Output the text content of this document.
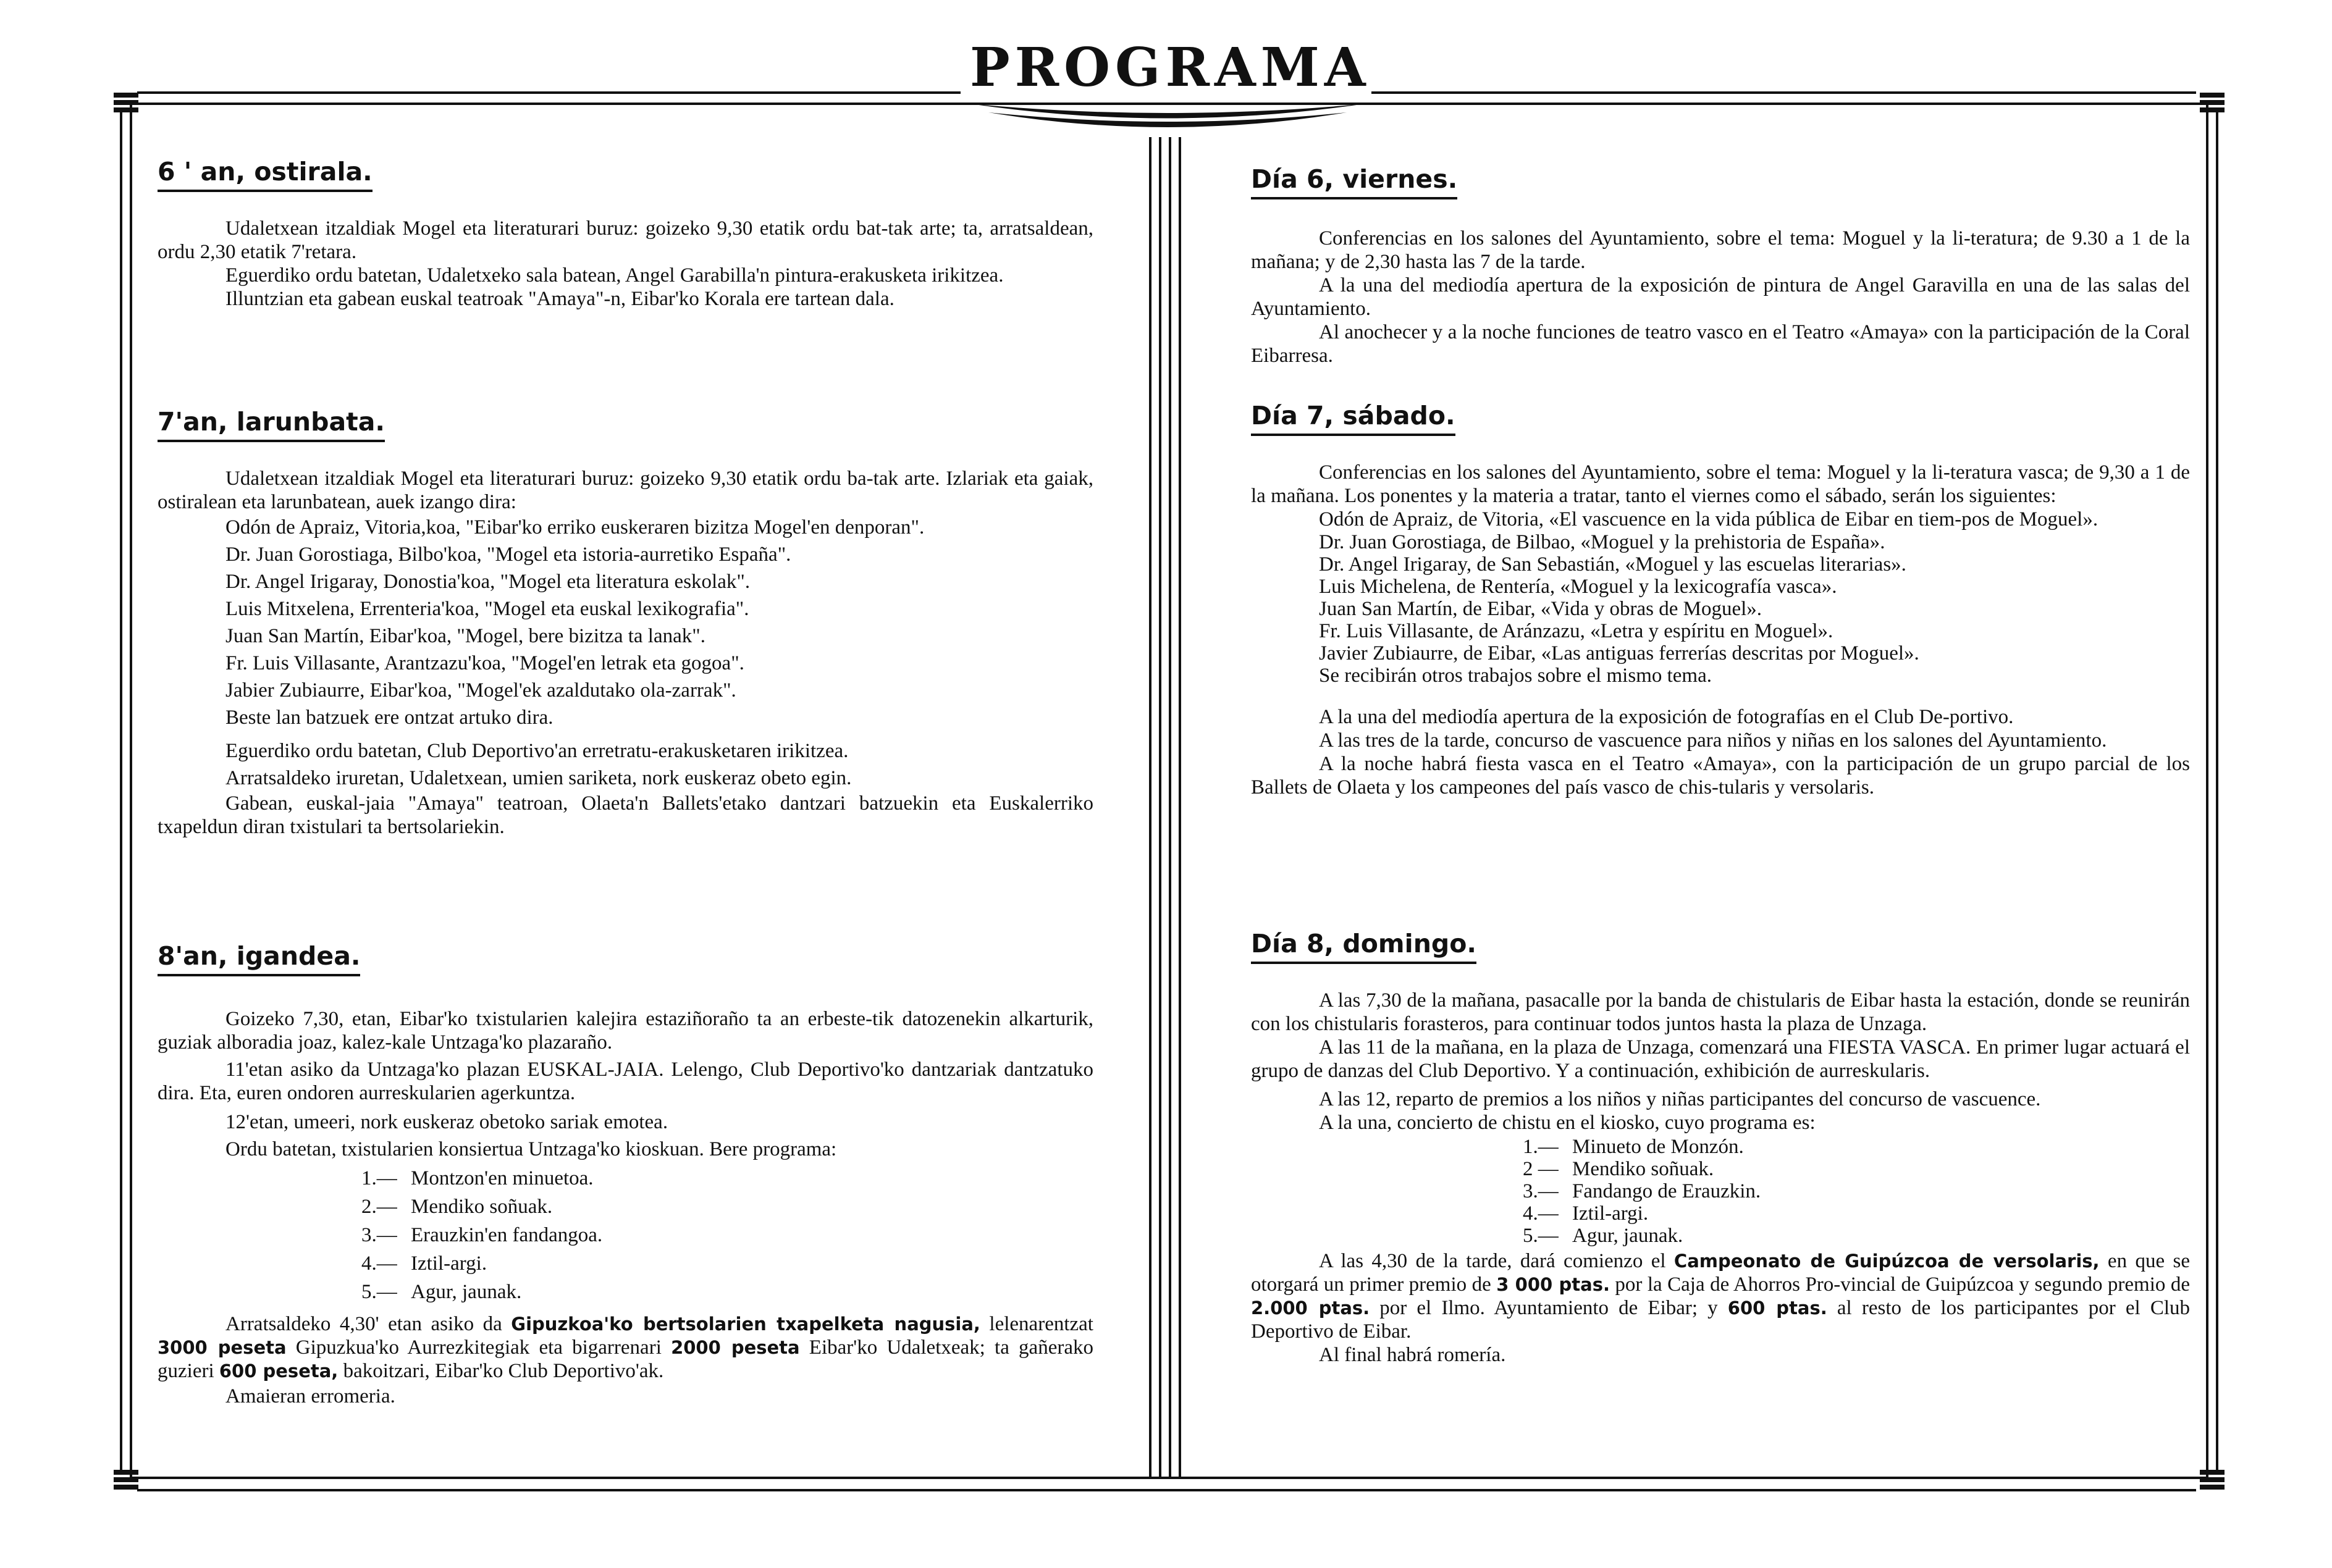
PROGRAMA
6 ' an, ostirala.

Udaletxean itzaldiak Mogel eta literaturari buruz: goizeko 9,30 etatik ordu bat-tak arte; ta, arratsaldean, ordu 2,30 etatik 7'retara.

Eguerdiko ordu batetan, Udaletxeko sala batean, Angel Garabilla'n pintura-erakusketa irikitzea.

Illuntzian eta gabean euskal teatroak "Amaya"-n, Eibar'ko Korala ere tartean dala.

7'an, larunbata.

Udaletxean itzaldiak Mogel eta literaturari buruz: goizeko 9,30 etatik ordu ba-tak arte. Izlariak eta gaiak, ostiralean eta larunbatean, auek izango dira:

Odón de Apraiz, Vitoria,koa, "Eibar'ko erriko euskeraren bizitza Mogel'en denporan".

Dr. Juan Gorostiaga, Bilbo'koa, "Mogel eta istoria-aurretiko España".

Dr. Angel Irigaray, Donostia'koa, "Mogel eta literatura eskolak".

Luis Mitxelena, Errenteria'koa, "Mogel eta euskal lexikografia".

Juan San Martín, Eibar'koa, "Mogel, bere bizitza ta lanak".

Fr. Luis Villasante, Arantzazu'koa, "Mogel'en letrak eta gogoa".

Jabier Zubiaurre, Eibar'koa, "Mogel'ek azaldutako ola-zarrak".

Beste lan batzuek ere ontzat artuko dira.

Eguerdiko ordu batetan, Club Deportivo'an erretratu-erakusketaren irikitzea.

Arratsaldeko iruretan, Udaletxean, umien sariketa, nork euskeraz obeto egin.

Gabean, euskal-jaia "Amaya" teatroan, Olaeta'n Ballets'etako dantzari batzuekin eta Euskalerriko txapeldun diran txistulari ta bertsolariekin.

8'an, igandea.

Goizeko 7,30, etan, Eibar'ko txistularien kalejira estaziñoraño ta an erbeste-tik datozenekin alkarturik, guziak alboradia joaz, kalez-kale Untzaga'ko plazaraño.

11'etan asiko da Untzaga'ko plazan EUSKAL-JAIA. Lelengo, Club Deportivo'ko dantzariak dantzatuko dira. Eta, euren ondoren aurreskularien agerkuntza.

12'etan, umeeri, nork euskeraz obetoko sariak emotea.

Ordu batetan, txistularien konsiertua Untzaga'ko kioskuan. Bere programa:

1.— Montzon'en minuetoa.
2.— Mendiko soñuak.
3.— Erauzkin'en fandangoa.
4.— Iztil-argi.
5.— Agur, jaunak.

Arratsaldeko 4,30' etan asiko da Gipuzkoa'ko bertsolarien txapelketa nagusia, lelenarentzat 3000 peseta Gipuzkua'ko Aurrezkitegiak eta bigarrenari 2000 peseta Eibar'ko Udaletxeak; ta gañerako guzieri 600 peseta, bakoitzari, Eibar'ko Club Deportivo'ak.

Amaieran erromeria.

Día 6, viernes.

Conferencias en los salones del Ayuntamiento, sobre el tema: Moguel y la li-teratura; de 9.30 a 1 de la mañana; y de 2,30 hasta las 7 de la tarde.

A la una del mediodía apertura de la exposición de pintura de Angel Garavilla en una de las salas del Ayuntamiento.

Al anochecer y a la noche funciones de teatro vasco en el Teatro «Amaya» con la participación de la Coral Eibarresa.

Día 7, sábado.

Conferencias en los salones del Ayuntamiento, sobre el tema: Moguel y la li-teratura vasca; de 9,30 a 1 de la mañana. Los ponentes y la materia a tratar, tanto el viernes como el sábado, serán los siguientes:

Odón de Apraiz, de Vitoria, «El vascuence en la vida pública de Eibar en tiem-pos de Moguel».

Dr. Juan Gorostiaga, de Bilbao, «Moguel y la prehistoria de España».

Dr. Angel Irigaray, de San Sebastián, «Moguel y las escuelas literarias».

Luis Michelena, de Rentería, «Moguel y la lexicografía vasca».

Juan San Martín, de Eibar, «Vida y obras de Moguel».

Fr. Luis Villasante, de Aránzazu, «Letra y espíritu en Moguel».

Javier Zubiaurre, de Eibar, «Las antiguas ferrerías descritas por Moguel».

Se recibirán otros trabajos sobre el mismo tema.

A la una del mediodía apertura de la exposición de fotografías en el Club De-portivo.

A las tres de la tarde, concurso de vascuence para niños y niñas en los salones del Ayuntamiento.

A la noche habrá fiesta vasca en el Teatro «Amaya», con la participación de un grupo parcial de los Ballets de Olaeta y los campeones del país vasco de chis-tularis y versolaris.

Día 8, domingo.

A las 7,30 de la mañana, pasacalle por la banda de chistularis de Eibar hasta la estación, donde se reunirán con los chistularis forasteros, para continuar todos juntos hasta la plaza de Unzaga.

A las 11 de la mañana, en la plaza de Unzaga, comenzará una FIESTA VASCA. En primer lugar actuará el grupo de danzas del Club Deportivo. Y a continuación, exhibición de aurreskularis.

A las 12, reparto de premios a los niños y niñas participantes del concurso de vascuence.

A la una, concierto de chistu en el kiosko, cuyo programa es:

1.— Minueto de Monzón.
2 — Mendiko soñuak.
3.— Fandango de Erauzkin.
4.— Iztil-argi.
5.— Agur, jaunak.

A las 4,30 de la tarde, dará comienzo el Campeonato de Guipúzcoa de versolaris, en que se otorgará un primer premio de 3 000 ptas. por la Caja de Ahorros Pro-vincial de Guipúzcoa y segundo premio de 2.000 ptas. por el Ilmo. Ayuntamiento de Eibar; y 600 ptas. al resto de los participantes por el Club Deportivo de Eibar.

Al final habrá romería.
